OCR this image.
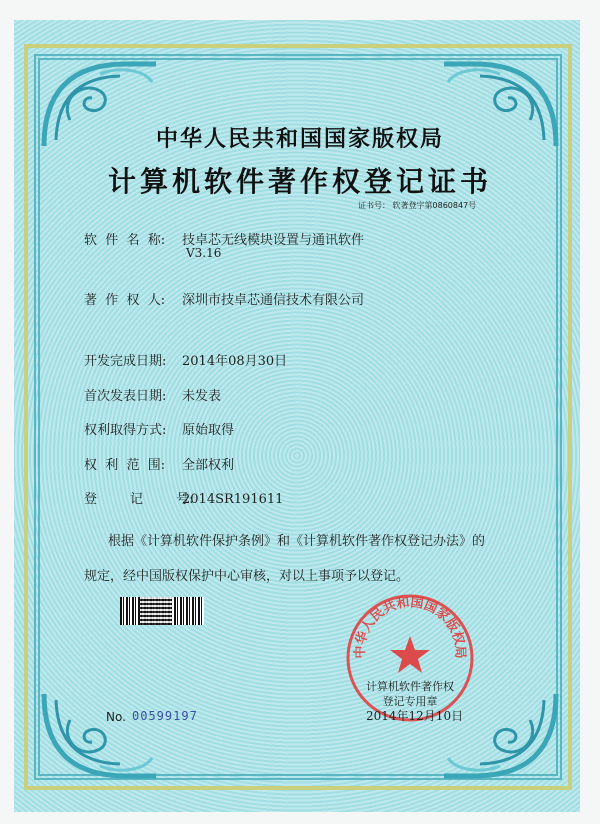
中华人民共和国国家版权局
计算机软件著作权登记证书
证书号： 软著登字第0860847号
软  件  名  称: 技卓芯无线模块设置与通讯软件
V3.16
著  作  权  人: 深圳市技卓芯通信技术有限公司
开发完成日期: 2014年08月30日
首次发表日期: 未发表
权利取得方式: 原始取得
权  利  范  围: 全部权利
登        记        号:2014SR191611
根据《计算机软件保护条例》和《计算机软件著作权登记办法》的
规定，经中国版权保护中心审核，对以上事项予以登记。
No. 00599197
中华人民共和国国家版权局
计算机软件著作权
登记专用章
2014年12月10日
